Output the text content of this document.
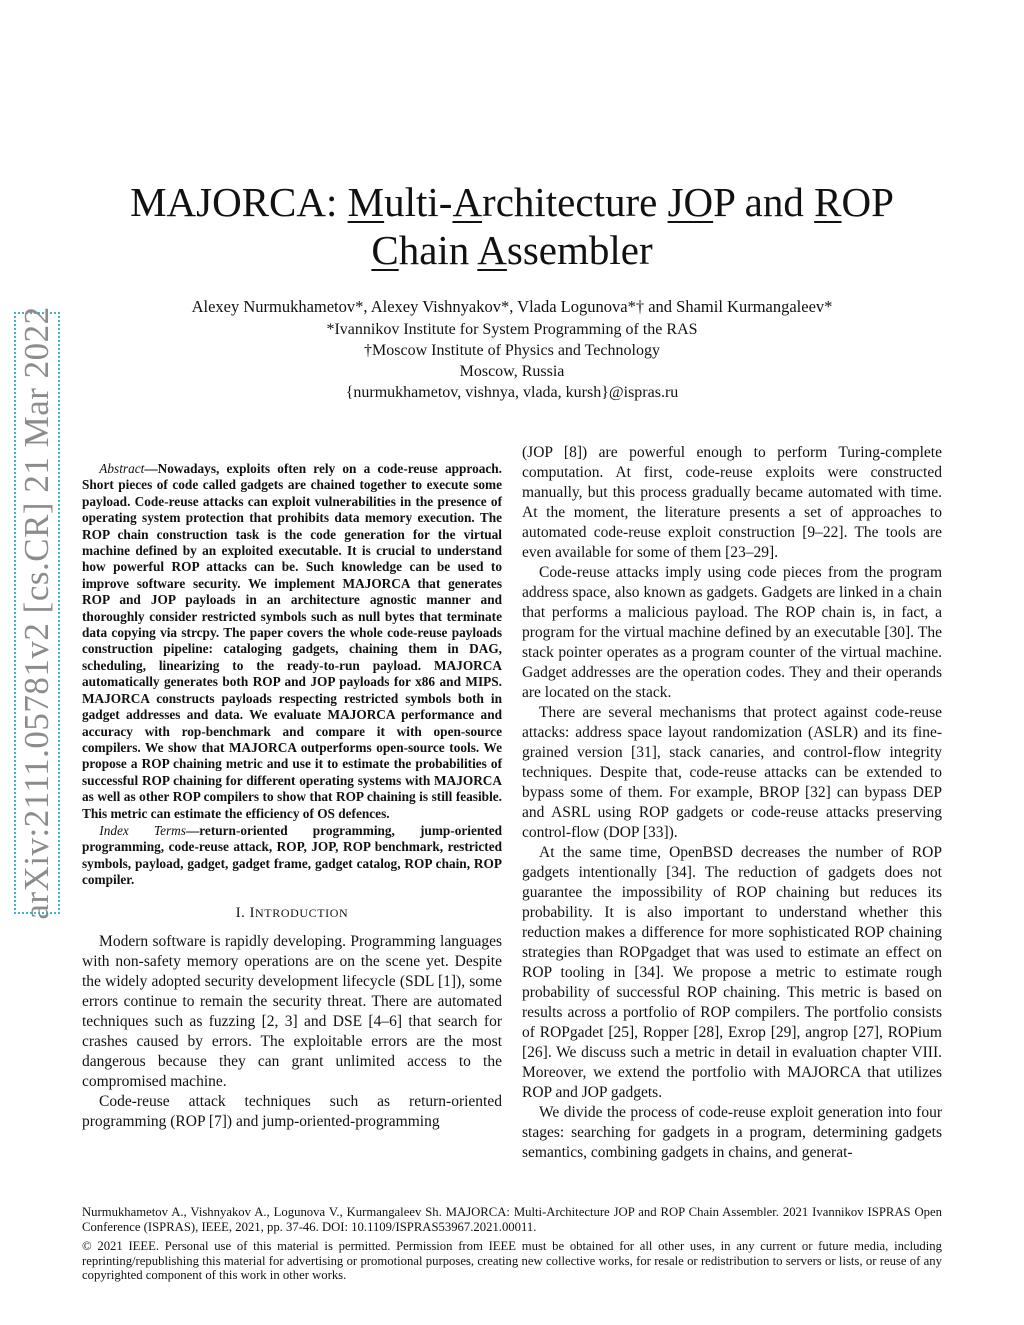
arXiv:2111.05781v2 [cs.CR] 21 Mar 2022
MAJORCA: Multi-Architecture JOP and ROP
Chain Assembler
Alexey Nurmukhametov*, Alexey Vishnyakov*, Vlada Logunova*† and Shamil Kurmangaleev*
*Ivannikov Institute for System Programming of the RAS
†Moscow Institute of Physics and Technology
Moscow, Russia
{nurmukhametov, vishnya, vlada, kursh}@ispras.ru

Abstract—Nowadays, exploits often rely on a code-reuse approach. Short pieces of code called gadgets are chained together to execute some payload. Code-reuse attacks can exploit vulnerabilities in the presence of operating system protection that prohibits data memory execution. The ROP chain construction task is the code generation for the virtual machine defined by an exploited executable. It is crucial to understand how powerful ROP attacks can be. Such knowledge can be used to improve software security. We implement MAJORCA that generates ROP and JOP payloads in an architecture agnostic manner and thoroughly consider restricted symbols such as null bytes that terminate data copying via strcpy. The paper covers the whole code-reuse payloads construction pipeline: cataloging gadgets, chaining them in DAG, scheduling, linearizing to the ready-to-run payload. MAJORCA automatically generates both ROP and JOP payloads for x86 and MIPS. MAJORCA constructs payloads respecting restricted symbols both in gadget addresses and data. We evaluate MAJORCA performance and accuracy with rop-benchmark and compare it with open-source compilers. We show that MAJORCA outperforms open-source tools. We propose a ROP chaining metric and use it to estimate the probabilities of successful ROP chaining for different operating systems with MAJORCA as well as other ROP compilers to show that ROP chaining is still feasible. This metric can estimate the efficiency of OS defences.

Index Terms—return-oriented programming, jump-oriented programming, code-reuse attack, ROP, JOP, ROP benchmark, restricted symbols, payload, gadget, gadget frame, gadget catalog, ROP chain, ROP compiler.

I. INTRODUCTION

Modern software is rapidly developing. Programming languages with non-safety memory operations are on the scene yet. Despite the widely adopted security development lifecycle (SDL [1]), some errors continue to remain the security threat. There are automated techniques such as fuzzing [2, 3] and DSE [4–6] that search for crashes caused by errors. The exploitable errors are the most dangerous because they can grant unlimited access to the compromised machine.

Code-reuse attack techniques such as return-oriented programming (ROP [7]) and jump-oriented-programming

(JOP [8]) are powerful enough to perform Turing-complete computation. At first, code-reuse exploits were constructed manually, but this process gradually became automated with time. At the moment, the literature presents a set of approaches to automated code-reuse exploit construction [9–22]. The tools are even available for some of them [23–29].

Code-reuse attacks imply using code pieces from the program address space, also known as gadgets. Gadgets are linked in a chain that performs a malicious payload. The ROP chain is, in fact, a program for the virtual machine defined by an executable [30]. The stack pointer operates as a program counter of the virtual machine. Gadget addresses are the operation codes. They and their operands are located on the stack.

There are several mechanisms that protect against code-reuse attacks: address space layout randomization (ASLR) and its fine-grained version [31], stack canaries, and control-flow integrity techniques. Despite that, code-reuse attacks can be extended to bypass some of them. For example, BROP [32] can bypass DEP and ASRL using ROP gadgets or code-reuse attacks preserving control-flow (DOP [33]).

At the same time, OpenBSD decreases the number of ROP gadgets intentionally [34]. The reduction of gadgets does not guarantee the impossibility of ROP chaining but reduces its probability. It is also important to understand whether this reduction makes a difference for more sophisticated ROP chaining strategies than ROPgadget that was used to estimate an effect on ROP tooling in [34]. We propose a metric to estimate rough probability of successful ROP chaining. This metric is based on results across a portfolio of ROP compilers. The portfolio consists of ROPgadet [25], Ropper [28], Exrop [29], angrop [27], ROPium [26]. We discuss such a metric in detail in evaluation chapter VIII. Moreover, we extend the portfolio with MAJORCA that utilizes ROP and JOP gadgets.

We divide the process of code-reuse exploit generation into four stages: searching for gadgets in a program, determining gadgets semantics, combining gadgets in chains, and generat-

Nurmukhametov A., Vishnyakov A., Logunova V., Kurmangaleev Sh. MAJORCA: Multi-Architecture JOP and ROP Chain Assembler. 2021 Ivannikov ISPRAS Open Conference (ISPRAS), IEEE, 2021, pp. 37-46. DOI: 10.1109/ISPRAS53967.2021.00011.
© 2021 IEEE. Personal use of this material is permitted. Permission from IEEE must be obtained for all other uses, in any current or future media, including reprinting/republishing this material for advertising or promotional purposes, creating new collective works, for resale or redistribution to servers or lists, or reuse of any copyrighted component of this work in other works.
